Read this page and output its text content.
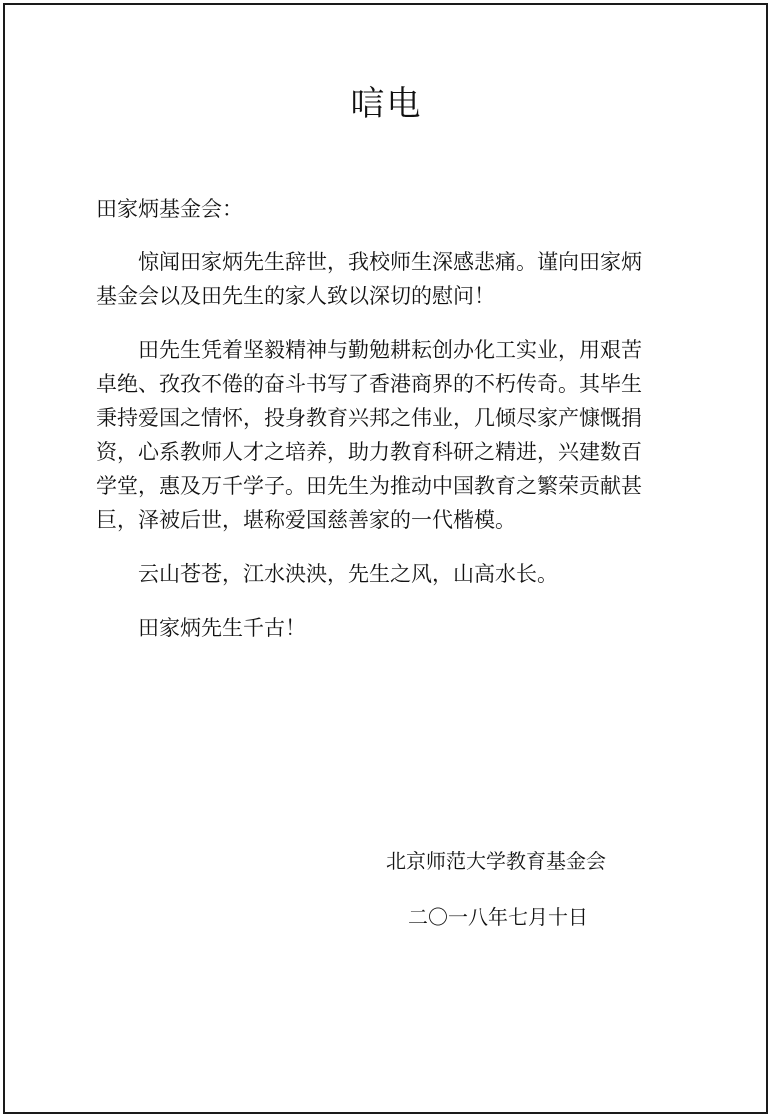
唁电
田家炳基金会：
惊闻田家炳先生辞世，我校师生深感悲痛。谨向田家炳
基金会以及田先生的家人致以深切的慰问！
田先生凭着坚毅精神与勤勉耕耘创办化工实业，用艰苦
卓绝、孜孜不倦的奋斗书写了香港商界的不朽传奇。其毕生
秉持爱国之情怀，投身教育兴邦之伟业，几倾尽家产慷慨捐
资，心系教师人才之培养，助力教育科研之精进，兴建数百
学堂，惠及万千学子。田先生为推动中国教育之繁荣贡献甚
巨，泽被后世，堪称爱国慈善家的一代楷模。
云山苍苍，江水泱泱，先生之风，山高水长。
田家炳先生千古！
北京师范大学教育基金会
二〇一八年七月十日
